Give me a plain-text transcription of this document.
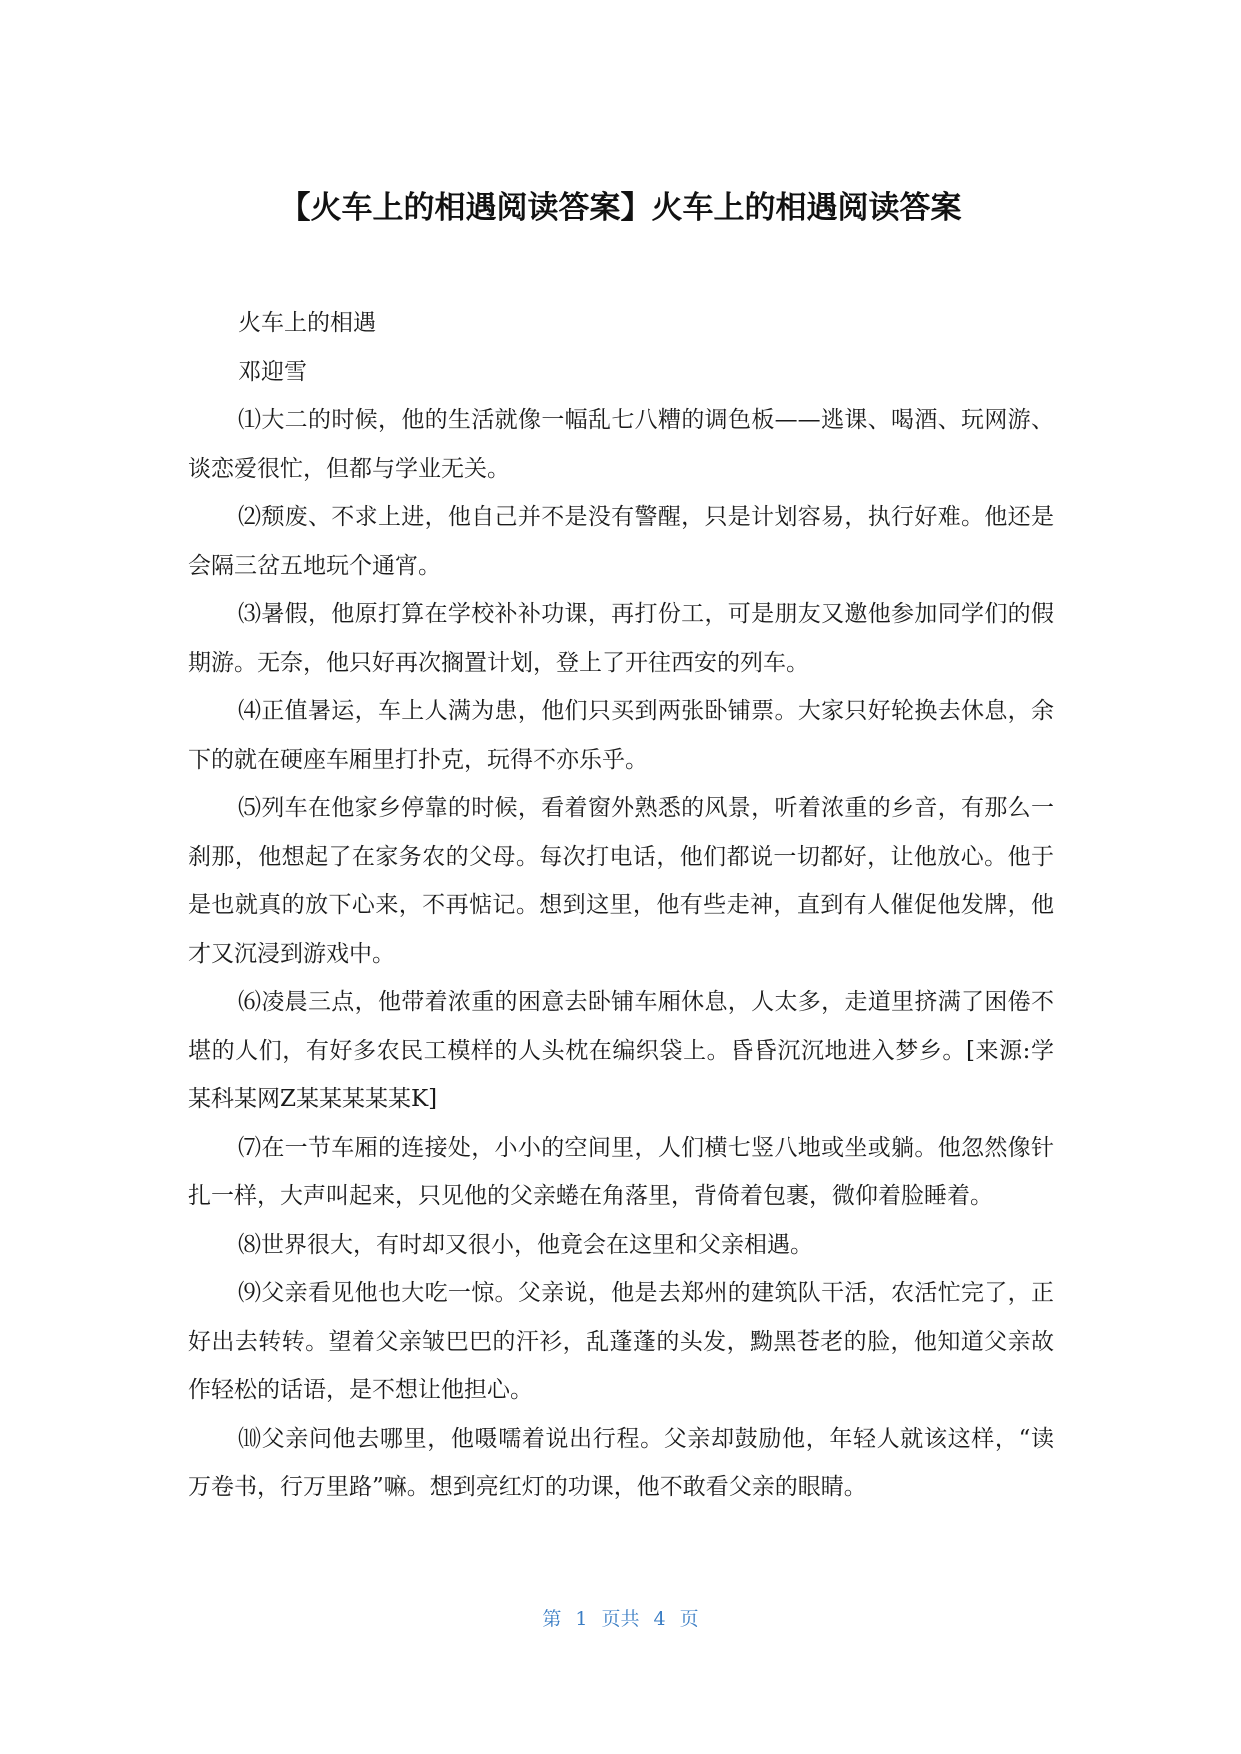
【火车上的相遇阅读答案】火车上的相遇阅读答案

火车上的相遇

邓迎雪

⑴大二的时候，他的生活就像一幅乱七八糟的调色板——逃课、喝酒、玩网游、谈恋爱很忙，但都与学业无关。

⑵颓废、不求上进，他自己并不是没有警醒，只是计划容易，执行好难。他还是会隔三岔五地玩个通宵。

⑶暑假，他原打算在学校补补功课，再打份工，可是朋友又邀他参加同学们的假期游。无奈，他只好再次搁置计划，登上了开往西安的列车。

⑷正值暑运，车上人满为患，他们只买到两张卧铺票。大家只好轮换去休息，余下的就在硬座车厢里打扑克，玩得不亦乐乎。

⑸列车在他家乡停靠的时候，看着窗外熟悉的风景，听着浓重的乡音，有那么一刹那，他想起了在家务农的父母。每次打电话，他们都说一切都好，让他放心。他于是也就真的放下心来，不再惦记。想到这里，他有些走神，直到有人催促他发牌，他才又沉浸到游戏中。

⑹凌晨三点，他带着浓重的困意去卧铺车厢休息，人太多，走道里挤满了困倦不堪的人们，有好多农民工模样的人头枕在编织袋上。昏昏沉沉地进入梦乡。[来源:学某科某网Z某某某某某K]

⑺在一节车厢的连接处，小小的空间里，人们横七竖八地或坐或躺。他忽然像针扎一样，大声叫起来，只见他的父亲蜷在角落里，背倚着包裹，微仰着脸睡着。

⑻世界很大，有时却又很小，他竟会在这里和父亲相遇。

⑼父亲看见他也大吃一惊。父亲说，他是去郑州的建筑队干活，农活忙完了，正好出去转转。望着父亲皱巴巴的汗衫，乱蓬蓬的头发，黝黑苍老的脸，他知道父亲故作轻松的话语，是不想让他担心。

⑽父亲问他去哪里，他嗫嚅着说出行程。父亲却鼓励他，年轻人就该这样，“读万卷书，行万里路”嘛。想到亮红灯的功课，他不敢看父亲的眼睛。

第 1 页共 4 页
